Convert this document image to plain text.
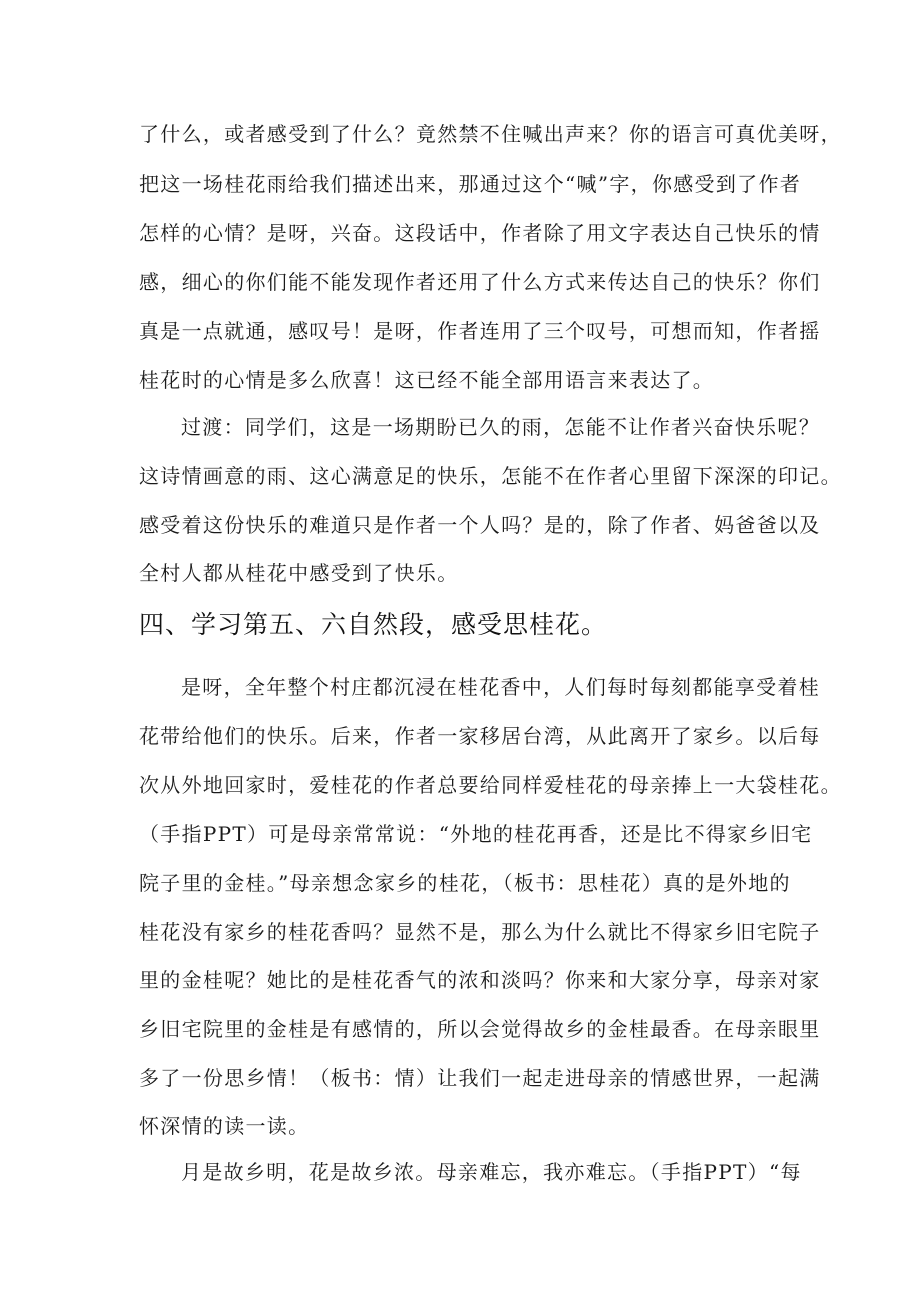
了什么，或者感受到了什么？竟然禁不住喊出声来？你的语言可真优美呀，
把这一场桂花雨给我们描述出来，那通过这个“喊”字，你感受到了作者
怎样的心情？是呀，兴奋。这段话中，作者除了用文字表达自己快乐的情
感，细心的你们能不能发现作者还用了什么方式来传达自己的快乐？你们
真是一点就通，感叹号！是呀，作者连用了三个叹号，可想而知，作者摇
桂花时的心情是多么欣喜！这已经不能全部用语言来表达了。
过渡：同学们，这是一场期盼已久的雨，怎能不让作者兴奋快乐呢？
这诗情画意的雨、这心满意足的快乐，怎能不在作者心里留下深深的印记。
感受着这份快乐的难道只是作者一个人吗？是的，除了作者、妈爸爸以及
全村人都从桂花中感受到了快乐。
四、学习第五、六自然段，感受思桂花。
是呀，全年整个村庄都沉浸在桂花香中，人们每时每刻都能享受着桂
花带给他们的快乐。后来，作者一家移居台湾，从此离开了家乡。以后每
次从外地回家时，爱桂花的作者总要给同样爱桂花的母亲捧上一大袋桂花。
（手指PPT）可是母亲常常说：“外地的桂花再香，还是比不得家乡旧宅
院子里的金桂。”母亲想念家乡的桂花，（板书：思桂花）真的是外地的
桂花没有家乡的桂花香吗？显然不是，那么为什么就比不得家乡旧宅院子
里的金桂呢？她比的是桂花香气的浓和淡吗？你来和大家分享，母亲对家
乡旧宅院里的金桂是有感情的，所以会觉得故乡的金桂最香。在母亲眼里
多了一份思乡情！（板书：情）让我们一起走进母亲的情感世界，一起满
怀深情的读一读。
月是故乡明，花是故乡浓。母亲难忘，我亦难忘。（手指PPT）“每
